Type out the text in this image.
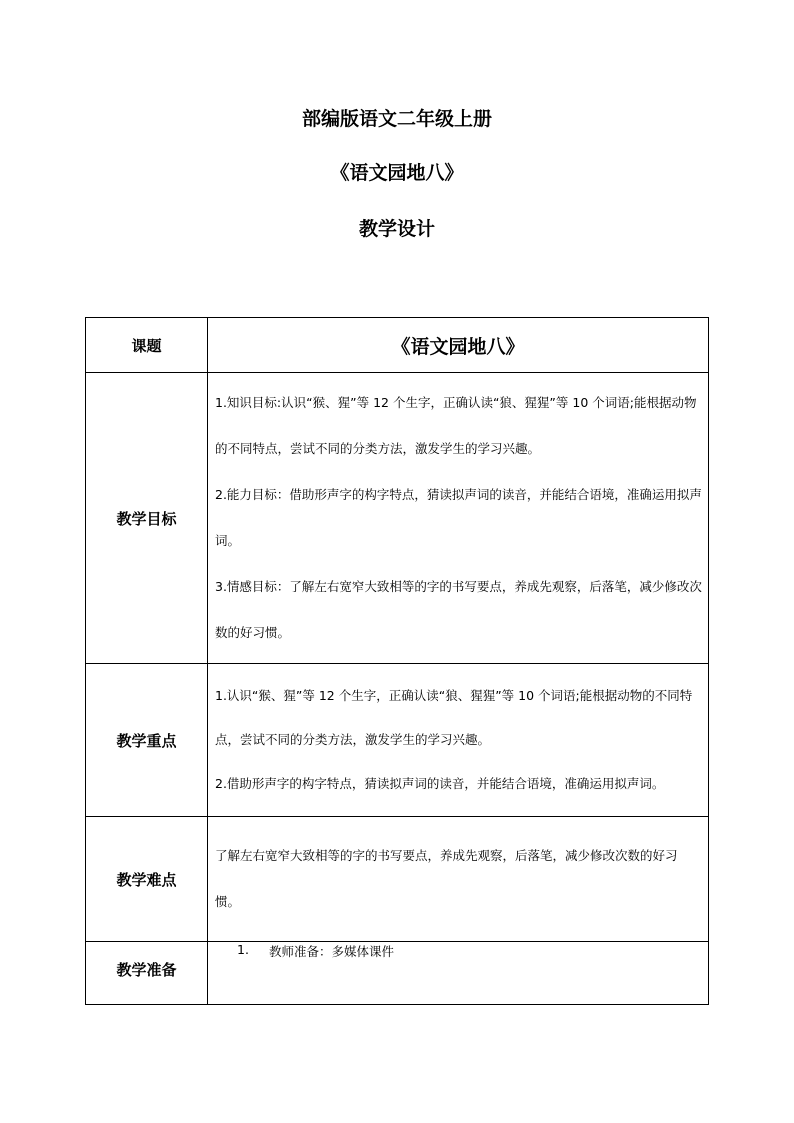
部编版语文二年级上册
《语文园地八》
教学设计
课题	《语文园地八》
教学目标	1.知识目标:认识“猴、猩”等 12 个生字，正确认读“狼、猩猩”等 10 个词语;能根据动物的不同特点，尝试不同的分类方法，激发学生的学习兴趣。

2.能力目标：借助形声字的构字特点，猜读拟声词的读音，并能结合语境，准确运用拟声词。

3.情感目标：了解左右宽窄大致相等的字的书写要点，养成先观察，后落笔，减少修改次数的好习惯。

教学重点	1.认识“猴、猩”等 12 个生字，正确认读“狼、猩猩”等 10 个词语;能根据动物的不同特点，尝试不同的分类方法，激发学生的学习兴趣。

2.借助形声字的构字特点，猜读拟声词的读音，并能结合语境，准确运用拟声词。

教学难点	了解左右宽窄大致相等的字的书写要点，养成先观察，后落笔，减少修改次数的好习惯。

教学准备	1. 教师准备：多媒体课件
